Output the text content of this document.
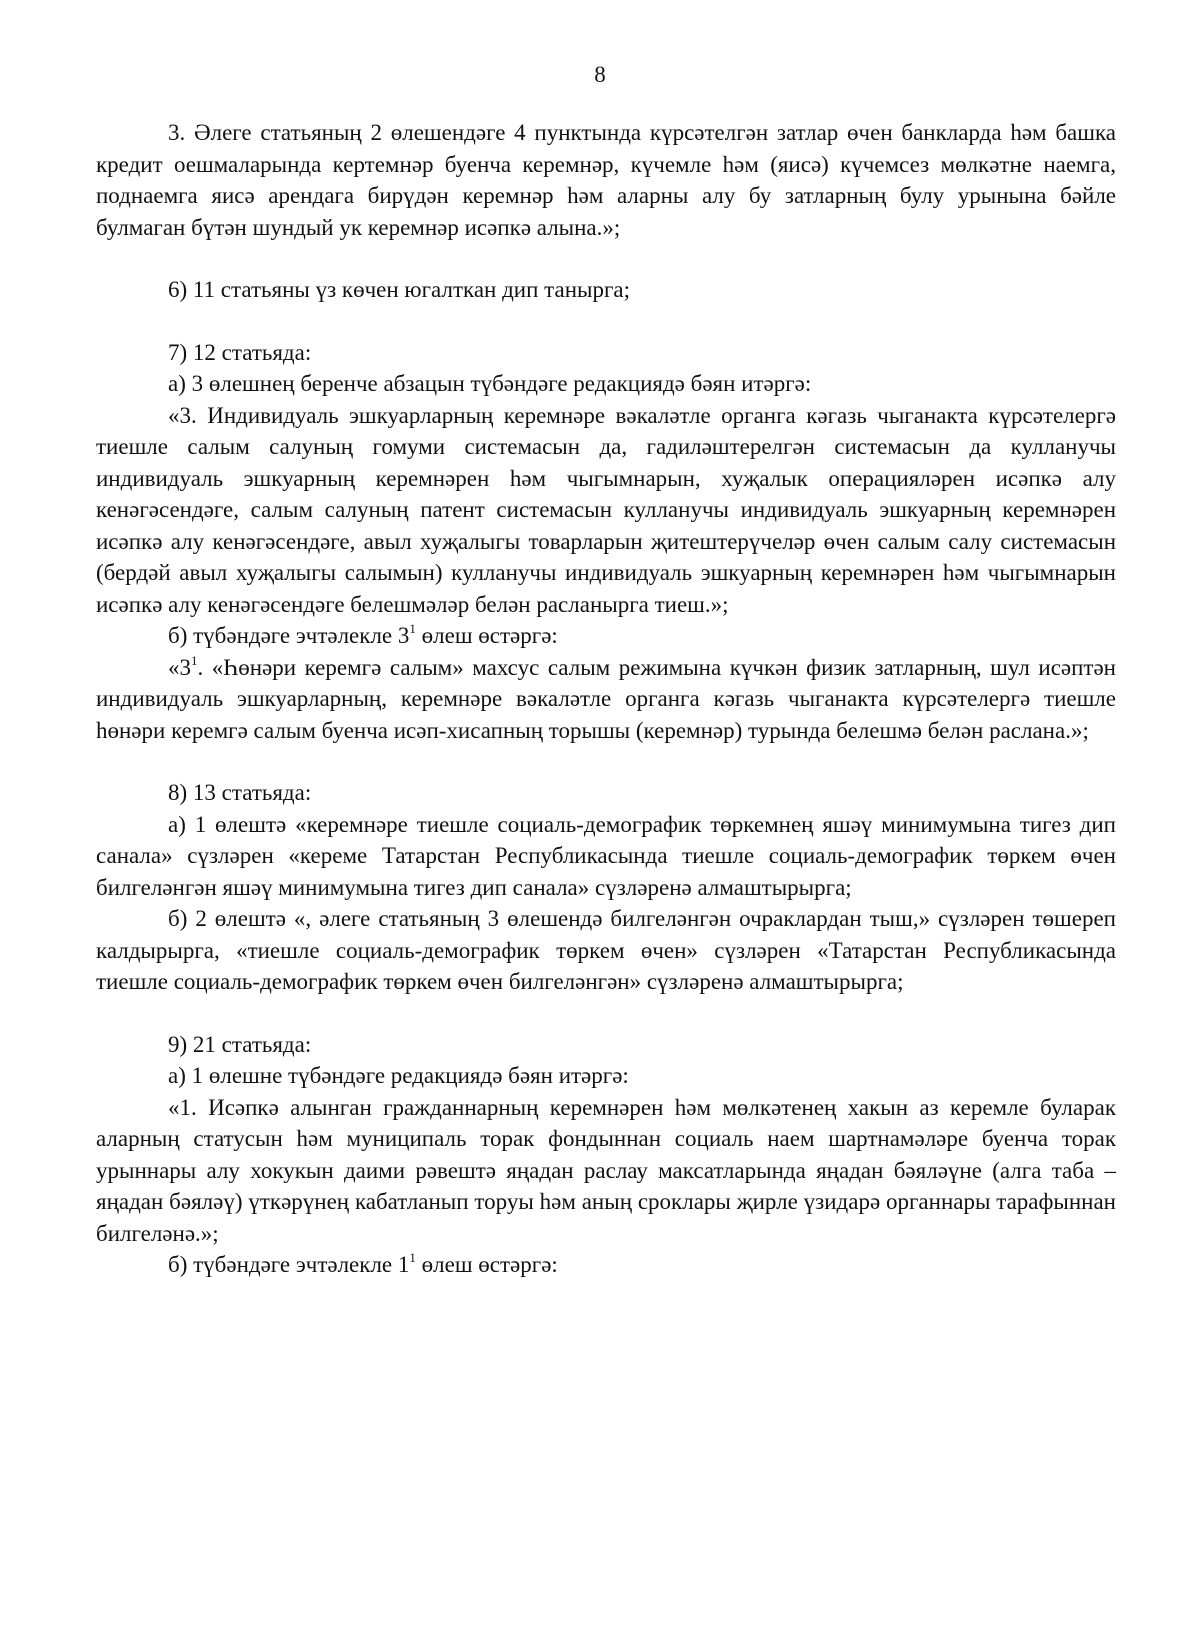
8

3. Әлеге статьяның 2 өлешендәге 4 пунктында күрсәтелгән затлар өчен банкларда һәм башка кредит оешмаларында кертемнәр буенча керемнәр, күчемле һәм (яисә) күчемсез мөлкәтне наемга, поднаемга яисә арендага бирүдән керемнәр һәм аларны алу бу затларның булу урынына бәйле булмаган бүтән шундый ук керемнәр исәпкә алына.»;

6) 11 статьяны үз көчен югалткан дип танырга;

7) 12 статьяда:

а) 3 өлешнең беренче абзацын түбәндәге редакциядә бәян итәргә:

«3. Индивидуаль эшкуарларның керемнәре вәкаләтле органга кәгазь чыганакта күрсәтелергә тиешле салым салуның гомуми системасын да, гадиләштерелгән системасын да кулланучы индивидуаль эшкуарның керемнәрен һәм чыгымнарын, хуҗалык операцияләрен исәпкә алу кенәгәсендәге, салым салуның патент системасын кулланучы индивидуаль эшкуарның керемнәрен исәпкә алу кенәгәсендәге, авыл хуҗалыгы товарларын җитештерүчеләр өчен салым салу системасын (бердәй авыл хуҗалыгы салымын) кулланучы индивидуаль эшкуарның керемнәрен һәм чыгымнарын исәпкә алу кенәгәсендәге белешмәләр белән расланырга тиеш.»;

б) түбәндәге эчтәлекле $3^1$ өлеш өстәргә:

«$3^1$. «Һөнәри керемгә салым» махсус салым режимына күчкән физик затларның, шул исәптән индивидуаль эшкуарларның, керемнәре вәкаләтле органга кәгазь чыганакта күрсәтелергә тиешле һөнәри керемгә салым буенча исәп-хисапның торышы (керемнәр) турында белешмә белән раслана.»;

8) 13 статьяда:

а) 1 өлештә «керемнәре тиешле социаль-демографик төркемнең яшәү минимумына тигез дип санала» сүзләрен «кереме Татарстан Республикасында тиешле социаль-демографик төркем өчен билгеләнгән яшәү минимумына тигез дип санала» сүзләренә алмаштырырга;

б) 2 өлештә «, әлеге статьяның 3 өлешендә билгеләнгән очраклардан тыш,» сүзләрен төшереп калдырырга, «тиешле социаль-демографик төркем өчен» сүзләрен «Татарстан Республикасында тиешле социаль-демографик төркем өчен билгеләнгән» сүзләренә алмаштырырга;

9) 21 статьяда:

а) 1 өлешне түбәндәге редакциядә бәян итәргә:

«1. Исәпкә алынган гражданнарның керемнәрен һәм мөлкәтенең хакын аз керемле буларак аларның статусын һәм муниципаль торак фондыннан социаль наем шартнамәләре буенча торак урыннары алу хокукын даими рәвештә яңадан раслау максатларында яңадан бәяләүне (алга таба – яңадан бәяләү) үткәрүнең кабатланып торуы һәм аның сроклары җирле үзидарә органнары тарафыннан билгеләнә.»;

б) түбәндәге эчтәлекле $1^1$ өлеш өстәргә:
